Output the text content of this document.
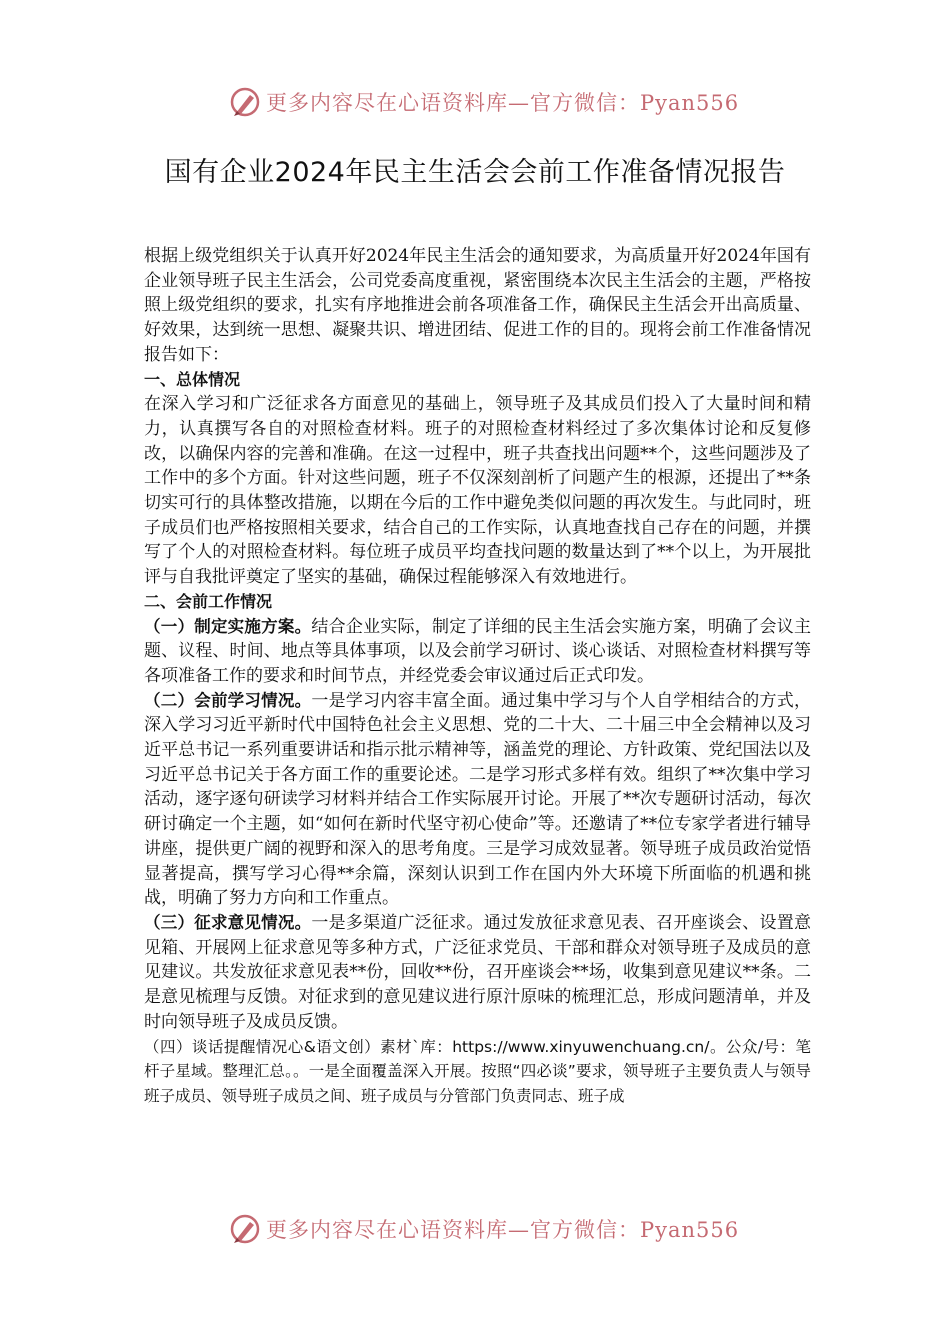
更多内容尽在心语资料库—官方微信：Pyan556
国有企业2024年民主生活会会前工作准备情况报告

根据上级党组织关于认真开好2024年民主生活会的通知要求，为高质量开好2024年国有企业领导班子民主生活会，公司党委高度重视，紧密围绕本次民主生活会的主题，严格按照上级党组织的要求，扎实有序地推进会前各项准备工作，确保民主生活会开出高质量、好效果，达到统一思想、凝聚共识、增进团结、促进工作的目的。现将会前工作准备情况报告如下：

一、总体情况

在深入学习和广泛征求各方面意见的基础上，领导班子及其成员们投入了大量时间和精力，认真撰写各自的对照检查材料。班子的对照检查材料经过了多次集体讨论和反复修改，以确保内容的完善和准确。在这一过程中，班子共查找出问题**个，这些问题涉及了工作中的多个方面。针对这些问题，班子不仅深刻剖析了问题产生的根源，还提出了**条切实可行的具体整改措施，以期在今后的工作中避免类似问题的再次发生。与此同时，班子成员们也严格按照相关要求，结合自己的工作实际，认真地查找自己存在的问题，并撰写了个人的对照检查材料。每位班子成员平均查找问题的数量达到了**个以上，为开展批评与自我批评奠定了坚实的基础，确保过程能够深入有效地进行。

二、会前工作情况

（一）制定实施方案。结合企业实际，制定了详细的民主生活会实施方案，明确了会议主题、议程、时间、地点等具体事项，以及会前学习研讨、谈心谈话、对照检查材料撰写等各项准备工作的要求和时间节点，并经党委会审议通过后正式印发。

（二）会前学习情况。一是学习内容丰富全面。通过集中学习与个人自学相结合的方式，深入学习习近平新时代中国特色社会主义思想、党的二十大、二十届三中全会精神以及习近平总书记一系列重要讲话和指示批示精神等，涵盖党的理论、方针政策、党纪国法以及习近平总书记关于各方面工作的重要论述。二是学习形式多样有效。组织了**次集中学习活动，逐字逐句研读学习材料并结合工作实际展开讨论。开展了**次专题研讨活动，每次研讨确定一个主题，如“如何在新时代坚守初心使命”等。还邀请了**位专家学者进行辅导讲座，提供更广阔的视野和深入的思考角度。三是学习成效显著。领导班子成员政治觉悟显著提高，撰写学习心得**余篇，深刻认识到工作在国内外大环境下所面临的机遇和挑战，明确了努力方向和工作重点。

（三）征求意见情况。一是多渠道广泛征求。通过发放征求意见表、召开座谈会、设置意见箱、开展网上征求意见等多种方式，广泛征求党员、干部和群众对领导班子及成员的意见建议。共发放征求意见表**份，回收**份，召开座谈会**场，收集到意见建议**条。二是意见梳理与反馈。对征求到的意见建议进行原汁原味的梳理汇总，形成问题清单，并及时向领导班子及成员反馈。

（四）谈话提醒情况心&语文创）素材`库：https://www.xinyuwenchuang.cn/。公众/号：笔杆子星域。整理汇总。。一是全面覆盖深入开展。按照“四必谈”要求，领导班子主要负责人与领导班子成员、领导班子成员之间、班子成员与分管部门负责同志、班子成

更多内容尽在心语资料库—官方微信：Pyan556
